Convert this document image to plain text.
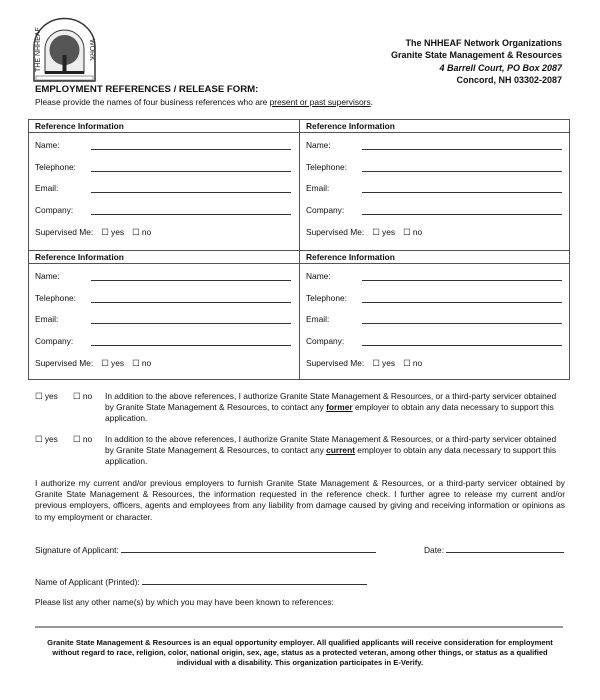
THE NHHEAF	WORK	The NHHEAF Network Organizations
Granite State Management & Resources
4 Barrell Court, PO Box 2087
Concord, NH 03302-2087
EMPLOYMENT REFERENCES / RELEASE FORM:
Please provide the names of four business references who are present or past supervisors.
Reference Information
Name:
Telephone:
Email:
Company:
Supervised Me: ☐ yes ☐ no
Reference Information
Name:
Telephone:
Email:
Company:
Supervised Me: ☐ yes ☐ no
Reference Information
Name:
Telephone:
Email:
Company:
Supervised Me: ☐ yes ☐ no
Reference Information
Name:
Telephone:
Email:
Company:
Supervised Me: ☐ yes ☐ no
☐ yes ☐ no In addition to the above references, I authorize Granite State Management & Resources, or a third-party servicer obtained by Granite State Management & Resources, to contact any former employer to obtain any data necessary to support this application.
☐ yes ☐ no In addition to the above references, I authorize Granite State Management & Resources, or a third-party servicer obtained by Granite State Management & Resources, to contact any current employer to obtain any data necessary to support this application.
I authorize my current and/or previous employers to furnish Granite State Management & Resources, or a third-party servicer obtained by Granite State Management & Resources, the information requested in the reference check. I further agree to release my current and/or previous employers, officers, agents and employees from any liability from damage caused by giving and receiving information or opinions as to my employment or character.
Signature of Applicant:	Date:
Name of Applicant (Printed):
Please list any other name(s) by which you may have been known to references:
Granite State Management & Resources is an equal opportunity employer. All qualified applicants will receive consideration for employment without regard to race, religion, color, national origin, sex, age, status as a protected veteran, among other things, or status as a qualified individual with a disability. This organization participates in E-Verify.
